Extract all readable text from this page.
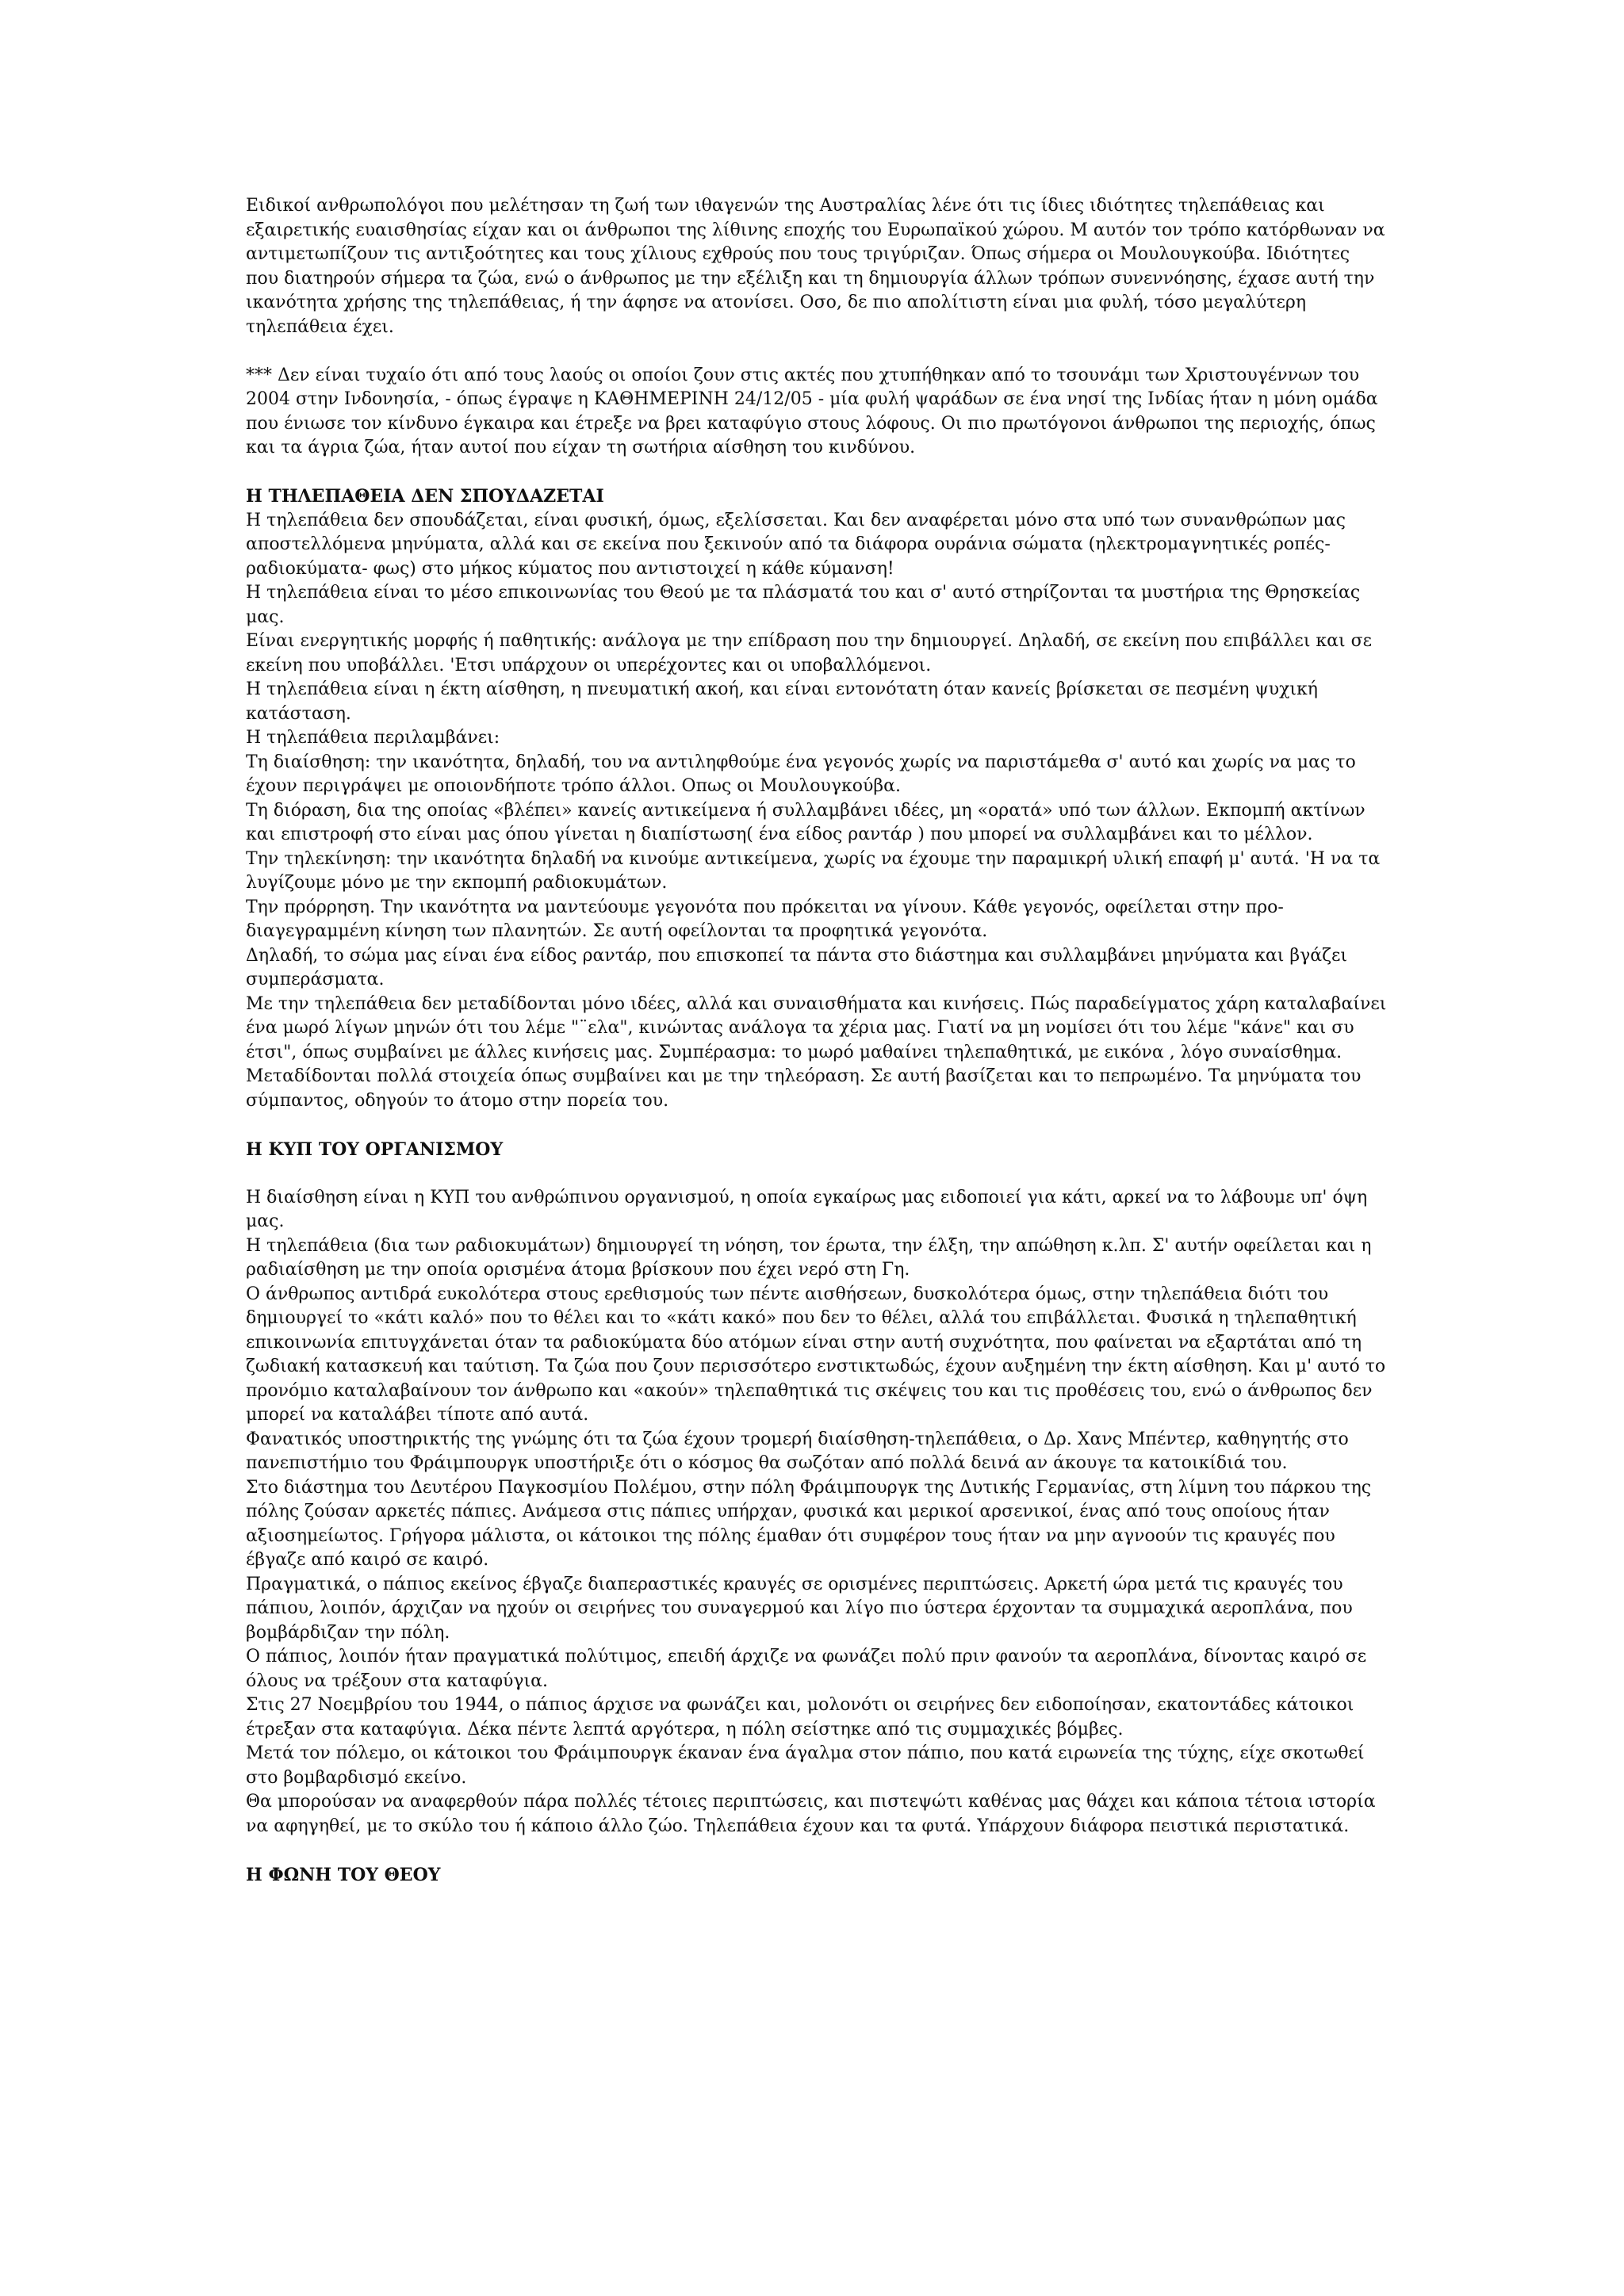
Ειδικοί ανθρωπολόγοι που μελέτησαν τη ζωή των ιθαγενών της Αυστραλίας λένε ότι τις ίδιες ιδιότητες τηλεπάθειας και εξαιρετικής ευαισθησίας είχαν και οι άνθρωποι της λίθινης εποχής του Ευρωπαϊκού χώρου. Μ αυτόν τον τρόπο κατόρθωναν να αντιμετωπίζουν τις αντιξοότητες και τους χίλιους εχθρούς που τους τριγύριζαν. Όπως σήμερα οι Μουλουγκούβα. Ιδιότητες που διατηρούν σήμερα τα ζώα, ενώ ο άνθρωπος με την εξέλιξη και τη δημιουργία άλλων τρόπων συνεννόησης, έχασε αυτή την ικανότητα χρήσης της τηλεπάθειας, ή την άφησε να ατονίσει. Οσο, δε πιο απολίτιστη είναι μια φυλή, τόσο μεγαλύτερη τηλεπάθεια έχει.

*** Δεν είναι τυχαίο ότι από τους λαούς οι οποίοι ζουν στις ακτές που χτυπήθηκαν από το τσουνάμι των Χριστουγέννων του 2004 στην Ινδονησία, - όπως έγραψε η ΚΑΘΗΜΕΡΙΝΗ 24/12/05 - μία φυλή ψαράδων σε ένα νησί της Ινδίας ήταν η μόνη ομάδα που ένιωσε τον κίνδυνο έγκαιρα και έτρεξε να βρει καταφύγιο στους λόφους. Οι πιο πρωτόγονοι άνθρωποι της περιοχής, όπως και τα άγρια ζώα, ήταν αυτοί που είχαν τη σωτήρια αίσθηση του κινδύνου.

Η ΤΗΛΕΠΑΘΕΙΑ ΔΕΝ ΣΠΟΥΔΑΖΕΤΑΙ

Η τηλεπάθεια δεν σπουδάζεται, είναι φυσική, όμως, εξελίσσεται. Και δεν αναφέρεται μόνο στα υπό των συνανθρώπων μας αποστελλόμενα μηνύματα, αλλά και σε εκείνα που ξεκινούν από τα διάφορα ουράνια σώματα (ηλεκτρομαγνητικές ροπές-ραδιοκύματα- φως) στο μήκος κύματος που αντιστοιχεί η κάθε κύμανση!

Η τηλεπάθεια είναι το μέσο επικοινωνίας του Θεού με τα πλάσματά του και σ' αυτό στηρίζονται τα μυστήρια της Θρησκείας μας.

Είναι ενεργητικής μορφής ή παθητικής: ανάλογα με την επίδραση που την δημιουργεί. Δηλαδή, σε εκείνη που επιβάλλει και σε εκείνη που υποβάλλει. 'Ετσι υπάρχουν οι υπερέχοντες και οι υποβαλλόμενοι.

Η τηλεπάθεια είναι η έκτη αίσθηση, η πνευματική ακοή, και είναι εντονότατη όταν κανείς βρίσκεται σε πεσμένη ψυχική κατάσταση.

Η τηλεπάθεια περιλαμβάνει:

Τη διαίσθηση: την ικανότητα, δηλαδή, του να αντιληφθούμε ένα γεγονός χωρίς να παριστάμεθα σ' αυτό και χωρίς να μας το έχουν περιγράψει με οποιονδήποτε τρόπο άλλοι. Οπως οι Μουλουγκούβα.

Τη διόραση, δια της οποίας «βλέπει» κανείς αντικείμενα ή συλλαμβάνει ιδέες, μη «ορατά» υπό των άλλων. Εκπομπή ακτίνων και επιστροφή στο είναι μας όπου γίνεται η διαπίστωση( ένα είδος ραντάρ ) που μπορεί να συλλαμβάνει και το μέλλον.

Την τηλεκίνηση: την ικανότητα δηλαδή να κινούμε αντικείμενα, χωρίς να έχουμε την παραμικρή υλική επαφή μ' αυτά. 'Η να τα λυγίζουμε μόνο με την εκπομπή ραδιοκυμάτων.

Την πρόρρηση. Την ικανότητα να μαντεύουμε γεγονότα που πρόκειται να γίνουν. Κάθε γεγονός, οφείλεται στην προ-διαγεγραμμένη κίνηση των πλανητών. Σε αυτή οφείλονται τα προφητικά γεγονότα.

Δηλαδή, το σώμα μας είναι ένα είδος ραντάρ, που επισκοπεί τα πάντα στο διάστημα και συλλαμβάνει μηνύματα και βγάζει συμπεράσματα.

Με την τηλεπάθεια δεν μεταδίδονται μόνο ιδέες, αλλά και συναισθήματα και κινήσεις. Πώς παραδείγματος χάρη καταλαβαίνει ένα μωρό λίγων μηνών ότι του λέμε "¨ελα", κινώντας ανάλογα τα χέρια μας. Γιατί να μη νομίσει ότι του λέμε "κάνε" και συ έτσι", όπως συμβαίνει με άλλες κινήσεις μας. Συμπέρασμα: το μωρό μαθαίνει τηλεπαθητικά, με εικόνα , λόγο συναίσθημα. Μεταδίδονται πολλά στοιχεία όπως συμβαίνει και με την τηλεόραση. Σε αυτή βασίζεται και το πεπρωμένο. Τα μηνύματα του σύμπαντος, οδηγούν το άτομο στην πορεία του.

Η ΚΥΠ ΤΟΥ ΟΡΓΑΝΙΣΜΟΥ

Η διαίσθηση είναι η ΚΥΠ του ανθρώπινου οργανισμού, η οποία εγκαίρως μας ειδοποιεί για κάτι, αρκεί να το λάβουμε υπ' όψη μας.

Η τηλεπάθεια (δια των ραδιοκυμάτων) δημιουργεί τη νόηση, τον έρωτα, την έλξη, την απώθηση κ.λπ. Σ' αυτήν οφείλεται και η ραδιαίσθηση με την οποία ορισμένα άτομα βρίσκουν που έχει νερό στη Γη.

Ο άνθρωπος αντιδρά ευκολότερα στους ερεθισμούς των πέντε αισθήσεων, δυσκολότερα όμως, στην τηλεπάθεια διότι του δημιουργεί το «κάτι καλό» που το θέλει και το «κάτι κακό» που δεν το θέλει, αλλά του επιβάλλεται. Φυσικά η τηλεπαθητική επικοινωνία επιτυγχάνεται όταν τα ραδιοκύματα δύο ατόμων είναι στην αυτή συχνότητα, που φαίνεται να εξαρτάται από τη ζωδιακή κατασκευή και ταύτιση. Τα ζώα που ζουν περισσότερο ενστικτωδώς, έχουν αυξημένη την έκτη αίσθηση. Και μ' αυτό το προνόμιο καταλαβαίνουν τον άνθρωπο και «ακούν» τηλεπαθητικά τις σκέψεις του και τις προθέσεις του, ενώ ο άνθρωπος δεν μπορεί να καταλάβει τίποτε από αυτά.

Φανατικός υποστηρικτής της γνώμης ότι τα ζώα έχουν τρομερή διαίσθηση-τηλεπάθεια, ο Δρ. Χανς Μπέντερ, καθηγητής στο πανεπιστήμιο του Φράιμπουργκ υποστήριξε ότι ο κόσμος θα σωζόταν από πολλά δεινά αν άκουγε τα κατοικίδιά του.

Στο διάστημα του Δευτέρου Παγκοσμίου Πολέμου, στην πόλη Φράιμπουργκ της Δυτικής Γερμανίας, στη λίμνη του πάρκου της πόλης ζούσαν αρκετές πάπιες. Ανάμεσα στις πάπιες υπήρχαν, φυσικά και μερικοί αρσενικοί, ένας από τους οποίους ήταν αξιοσημείωτος. Γρήγορα μάλιστα, οι κάτοικοι της πόλης έμαθαν ότι συμφέρον τους ήταν να μην αγνοούν τις κραυγές που έβγαζε από καιρό σε καιρό.

Πραγματικά, ο πάπιος εκείνος έβγαζε διαπεραστικές κραυγές σε ορισμένες περιπτώσεις. Αρκετή ώρα μετά τις κραυγές του πάπιου, λοιπόν, άρχιζαν να ηχούν οι σειρήνες του συναγερμού και λίγο πιο ύστερα έρχονταν τα συμμαχικά αεροπλάνα, που βομβάρδιζαν την πόλη.

Ο πάπιος, λοιπόν ήταν πραγματικά πολύτιμος, επειδή άρχιζε να φωνάζει πολύ πριν φανούν τα αεροπλάνα, δίνοντας καιρό σε όλους να τρέξουν στα καταφύγια.

Στις 27 Νοεμβρίου του 1944, ο πάπιος άρχισε να φωνάζει και, μολονότι οι σειρήνες δεν ειδοποίησαν, εκατοντάδες κάτοικοι έτρεξαν στα καταφύγια. Δέκα πέντε λεπτά αργότερα, η πόλη σείστηκε από τις συμμαχικές βόμβες.

Μετά τον πόλεμο, οι κάτοικοι του Φράιμπουργκ έκαναν ένα άγαλμα στον πάπιο, που κατά ειρωνεία της τύχης, είχε σκοτωθεί στο βομβαρδισμό εκείνο.

Θα μπορούσαν να αναφερθούν πάρα πολλές τέτοιες περιπτώσεις, και πιστεψώτι καθένας μας θάχει και κάποια τέτοια ιστορία να αφηγηθεί, με το σκύλο του ή κάποιο άλλο ζώο. Τηλεπάθεια έχουν και τα φυτά. Υπάρχουν διάφορα πειστικά περιστατικά.

Η ΦΩΝΗ ΤΟΥ ΘΕΟΥ
